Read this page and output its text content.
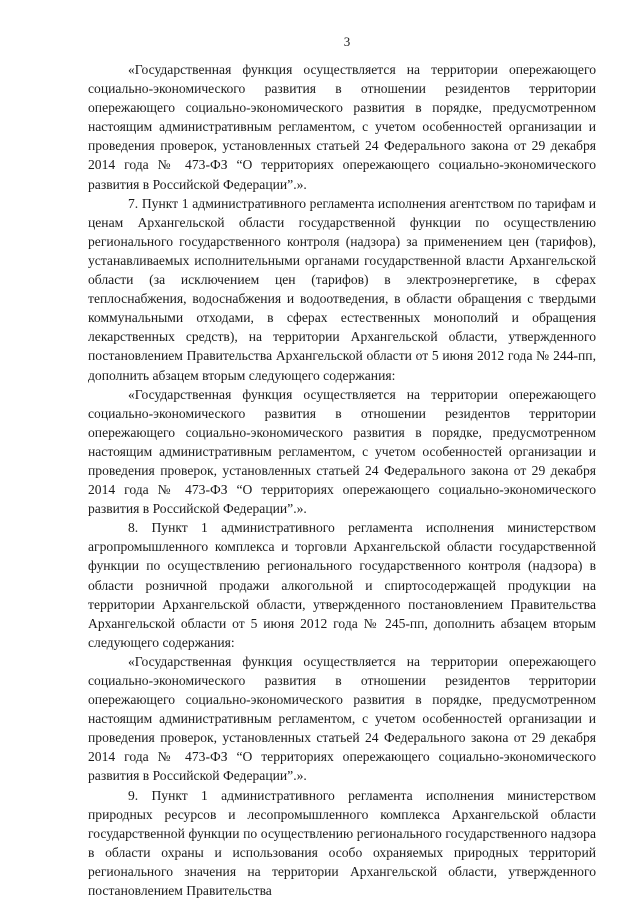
3

«Государственная функция осуществляется на территории опережающего социально-экономического развития в отношении резидентов территории опережающего социально-экономического развития в порядке, предусмотренном настоящим административным регламентом, с учетом особенностей организации и проведения проверок, установленных статьей 24 Федерального закона от 29 декабря 2014 года № 473-ФЗ “О территориях опережающего социально-экономического развития в Российской Федерации”.».

7. Пункт 1 административного регламента исполнения агентством по тарифам и ценам Архангельской области государственной функции по осуществлению регионального государственного контроля (надзора) за применением цен (тарифов), устанавливаемых исполнительными органами государственной власти Архангельской области (за исключением цен (тарифов) в электроэнергетике, в сферах теплоснабжения, водоснабжения и водоотведения, в области обращения с твердыми коммунальными отходами, в сферах естественных монополий и обращения лекарственных средств), на территории Архангельской области, утвержденного постановлением Правительства Архангельской области от 5 июня 2012 года № 244-пп, дополнить абзацем вторым следующего содержания:

«Государственная функция осуществляется на территории опережающего социально-экономического развития в отношении резидентов территории опережающего социально-экономического развития в порядке, предусмотренном настоящим административным регламентом, с учетом особенностей организации и проведения проверок, установленных статьей 24 Федерального закона от 29 декабря 2014 года № 473-ФЗ “О территориях опережающего социально-экономического развития в Российской Федерации”.».

8. Пункт 1 административного регламента исполнения министерством агропромышленного комплекса и торговли Архангельской области государственной функции по осуществлению регионального государственного контроля (надзора) в области розничной продажи алкогольной и спиртосодержащей продукции на территории Архангельской области, утвержденного постановлением Правительства Архангельской области от 5 июня 2012 года № 245-пп, дополнить абзацем вторым следующего содержания:

«Государственная функция осуществляется на территории опережающего социально-экономического развития в отношении резидентов территории опережающего социально-экономического развития в порядке, предусмотренном настоящим административным регламентом, с учетом особенностей организации и проведения проверок, установленных статьей 24 Федерального закона от 29 декабря 2014 года № 473-ФЗ “О территориях опережающего социально-экономического развития в Российской Федерации”.».

9. Пункт 1 административного регламента исполнения министерством природных ресурсов и лесопромышленного комплекса Архангельской области государственной функции по осуществлению регионального государственного надзора в области охраны и использования особо охраняемых природных территорий регионального значения на территории Архангельской области, утвержденного постановлением Правительства
